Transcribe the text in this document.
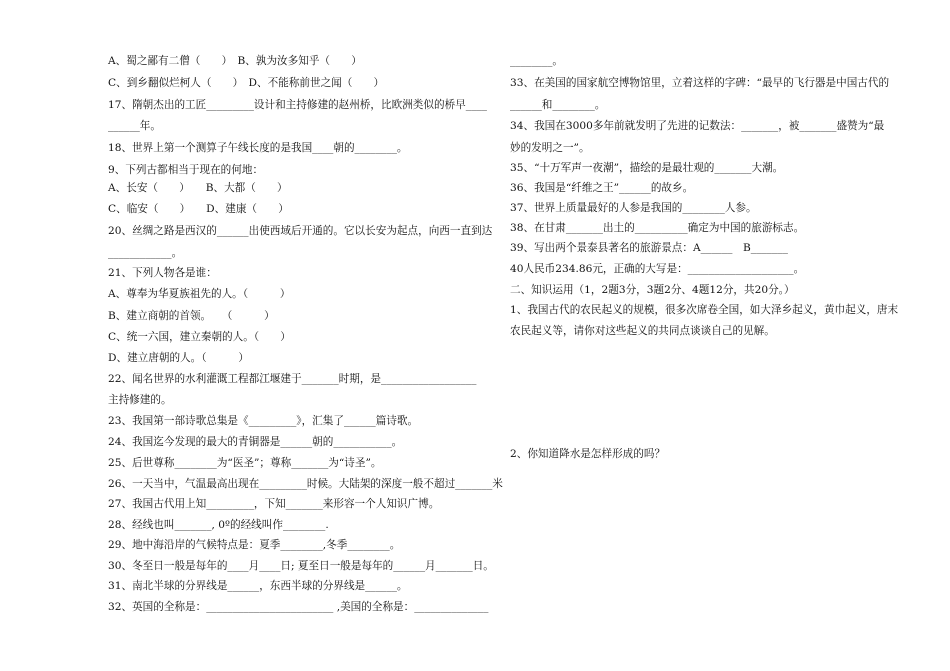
A、蜀之鄙有二僧（　　）　B、孰为汝多知乎（　　）
C、到乡翻似烂柯人（　　）　D、不能称前世之闻（　　）
17、隋朝杰出的工匠_________设计和主持修建的赵州桥，比欧洲类似的桥早____
______年。
18、世界上第一个测算子午线长度的是我国____朝的________。
9、下列古都相当于现在的何地：
A、长安（　　）　　B、大都（　　）
C、临安（　　）　　D、建康（　　）
20、丝绸之路是西汉的______出使西域后开通的。它以长安为起点，向西一直到达
____________。
21、下列人物各是谁：
A、尊奉为华夏族祖先的人。（　　　）
B、建立商朝的首领。　　（　　　）
C、统一六国，建立秦朝的人。（　　）
D、建立唐朝的人。（　　　）
22、闻名世界的水利灌溉工程都江堰建于_______时期，是__________________
主持修建的。
23、我国第一部诗歌总集是《_________》，汇集了______篇诗歌。
24、我国迄今发现的最大的青铜器是______朝的___________。
25、后世尊称________为“医圣”；尊称_______为“诗圣”。
26、一天当中，气温最高出现在_________时候。大陆架的深度一般不超过_______米
27、我国古代用上知_________，下知_______来形容一个人知识广博。
28、经线也叫_______, 0º的经线叫作________.
29、地中海沿岸的气候特点是：夏季________,冬季________。
30、冬至日一般是每年的____月____日; 夏至日一般是每年的______月_______日。
31、南北半球的分界线是______，东西半球的分界线是______。
32、英国的全称是：________________________ ,美国的全称是：______________
________。
33、在美国的国家航空博物馆里，立着这样的字碑：“最早的飞行器是中国古代的
______和________。
34、我国在3000多年前就发明了先进的记数法：_______，被_______盛赞为“最
妙的发明之一”。
35、“十万军声一夜潮”，描绘的是最壮观的_______大潮。
36、我国是“纤维之王”______的故乡。
37、世界上质量最好的人参是我国的________人参。
38、在甘肃_______出土的__________确定为中国的旅游标志。
39、写出两个景泰县著名的旅游景点：A______　B_______
40人民币234.86元，正确的大写是：____________________。
二、知识运用（1，2题3分，3题2分、4题12分，共20分。）
1、我国古代的农民起义的规模，很多次席卷全国，如大泽乡起义，黄巾起义，唐末
农民起义等，请你对这些起义的共同点谈谈自己的见解。
2、你知道降水是怎样形成的吗？
